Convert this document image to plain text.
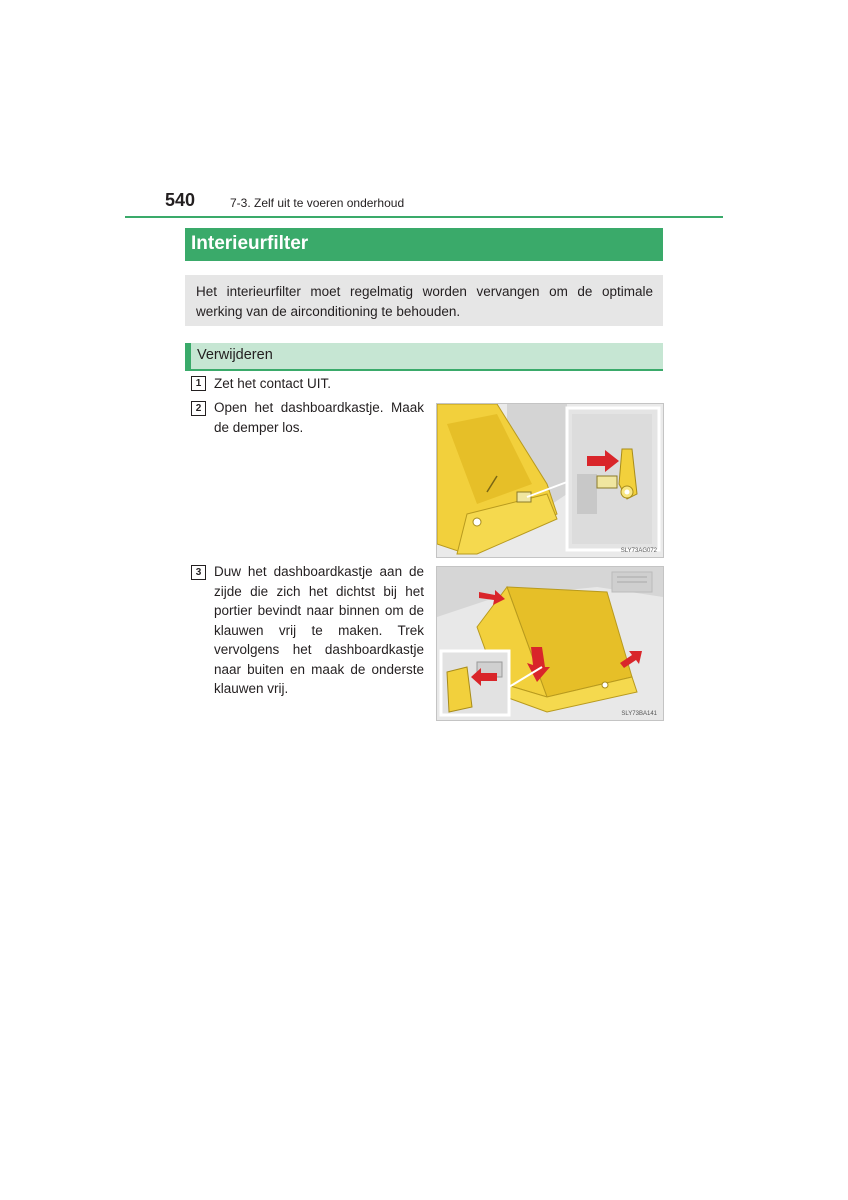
540	7-3. Zelf uit te voeren onderhoud
Interieurfilter
Het interieurfilter moet regelmatig worden vervangen om de optimale werking van de airconditioning te behouden.
Verwijderen
1 Zet het contact UIT.
2 Open het dashboardkastje. Maak de demper los.
SLY73AG072
3 Duw het dashboardkastje aan de zijde die zich het dichtst bij het portier bevindt naar binnen om de klauwen vrij te maken. Trek vervolgens het dashboardkastje naar buiten en maak de onderste klauwen vrij.
SLY73BA141
